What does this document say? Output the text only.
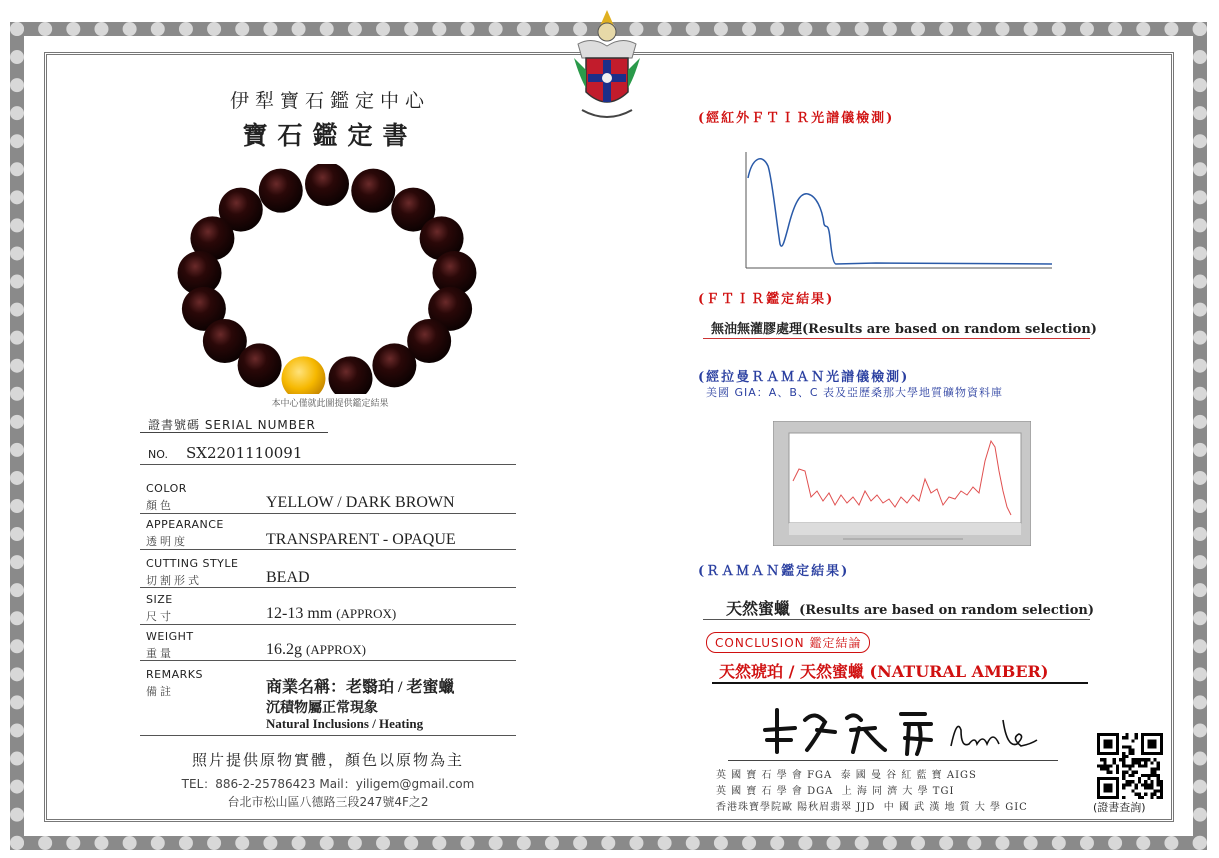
伊犁寶石鑑定中心
寶石鑑定書
本中心僅就此圖提供鑑定結果
證書號碼 SERIAL NUMBER
NO. SX2201110091
COLOR
顏色	YELLOW / DARK BROWN
APPEARANCE
透明度	TRANSPARENT - OPAQUE
CUTTING STYLE
切割形式	BEAD
SIZE
尺寸	12-13 mm (APPROX)
WEIGHT
重量	16.2g (APPROX)
REMARKS
備註	商業名稱：老翳珀 / 老蜜蠟
沉積物屬正常現象
Natural Inclusions / Heating
照片提供原物實體，顏色以原物為主
TEL：886-2-25786423 Mail：yiligem@gmail.com
台北市松山區八德路三段247號4F之2
(經紅外ＦＴＩＲ光譜儀檢測)
(ＦＴＩＲ鑑定結果)
無油無灌膠處理(Results are based on random selection)
(經拉曼ＲＡＭＡＮ光譜儀檢測)
美國 GIA：A、B、C 表及亞歷桑那大學地質礦物資料庫
(ＲＡＭＡＮ鑑定結果)
天然蜜蠟 (Results are based on random selection)
CONCLUSION 鑑定結論
天然琥珀 / 天然蜜蠟 (NATURAL AMBER)
英 國 寶 石 學 會 FGA 泰 國 曼 谷 紅 藍 寶 AIGS
英 國 寶 石 學 會 DGA 上 海 同 濟 大 學 TGI
香港珠寶學院歐 陽秋眉翡翠 JJD 中 國 武 漢 地 質 大 學 GIC	(證書查詢)
